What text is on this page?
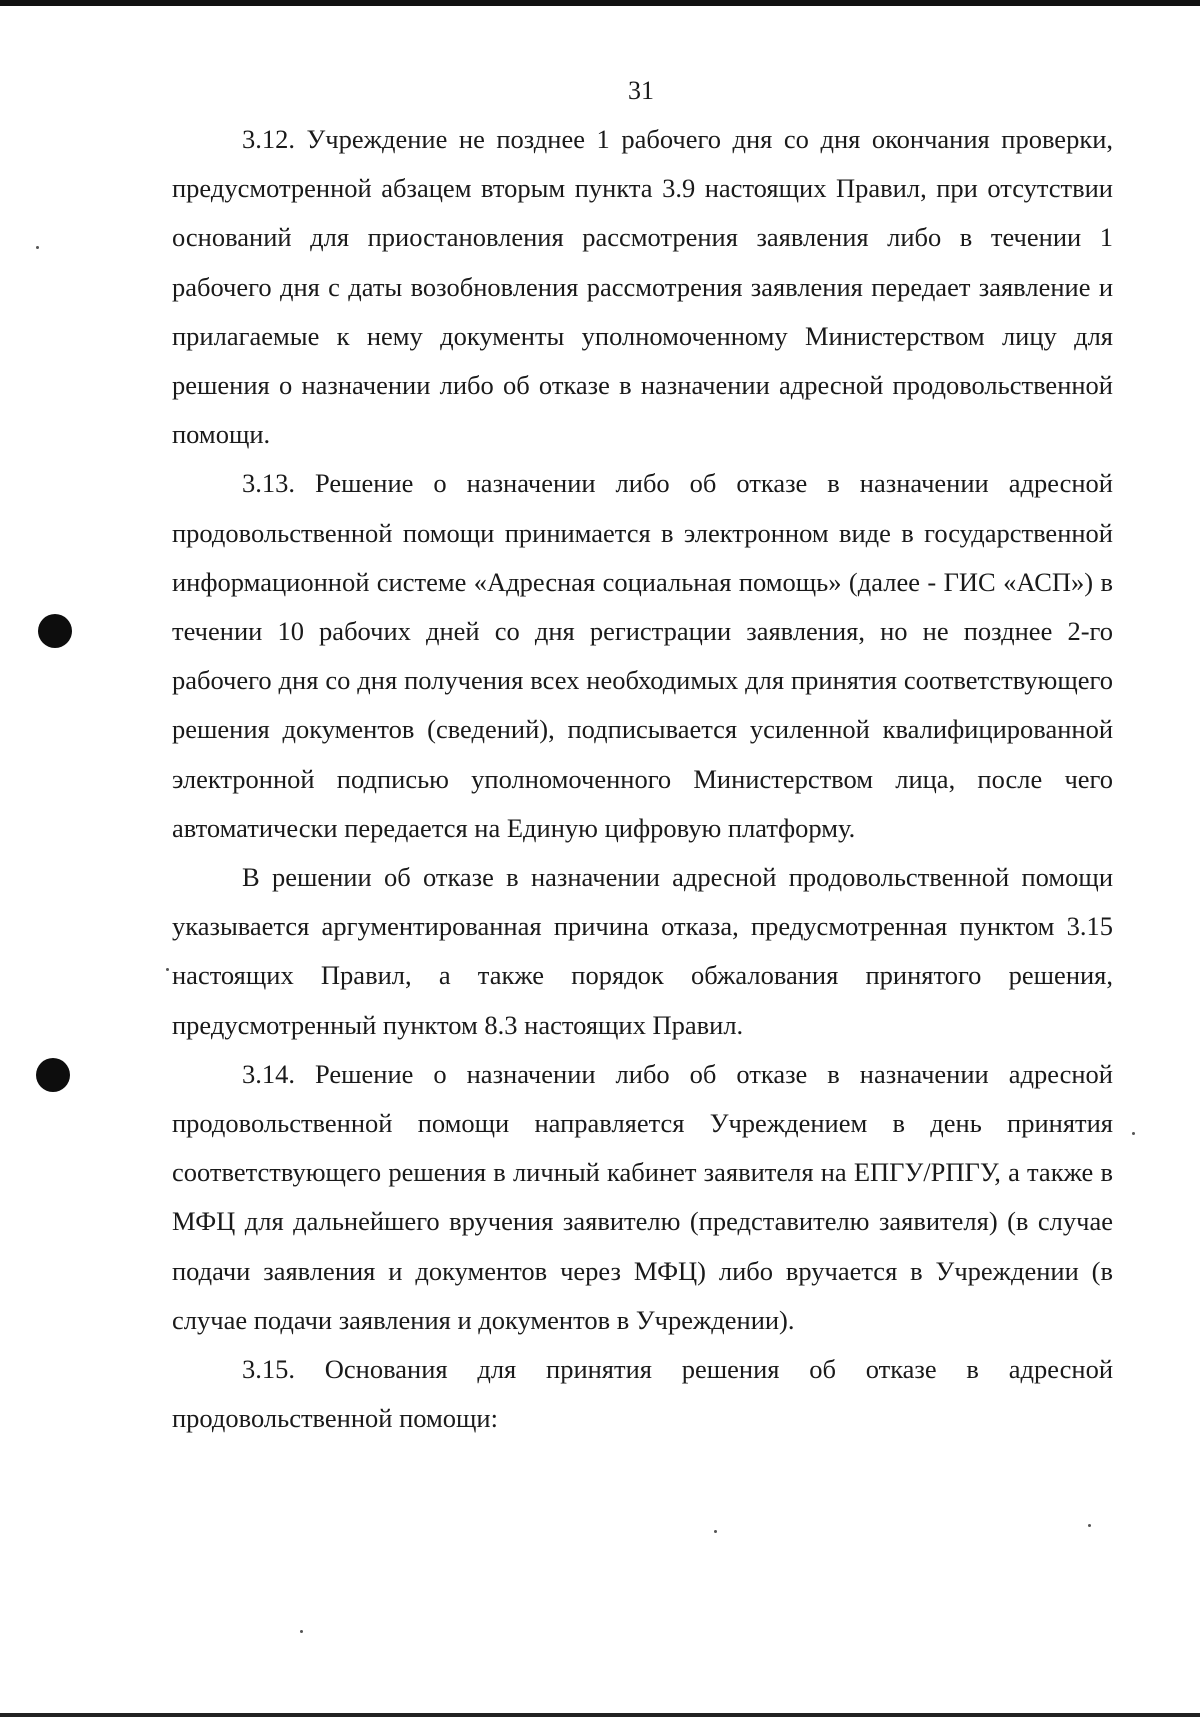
31

3.12. Учреждение не позднее 1 рабочего дня со дня окончания проверки, предусмотренной абзацем вторым пункта 3.9 настоящих Правил, при отсутствии оснований для приостановления рассмотрения заявления либо в течении 1 рабочего дня с даты возобновления рассмотрения заявления передает заявление и прилагаемые к нему документы уполномоченному Министерством лицу для решения о назначении либо об отказе в назначении адресной продовольственной помощи.

3.13. Решение о назначении либо об отказе в назначении адресной продовольственной помощи принимается в электронном виде в государственной информационной системе «Адресная социальная помощь» (далее - ГИС «АСП») в течении 10 рабочих дней со дня регистрации заявления, но не позднее 2-го рабочего дня со дня получения всех необходимых для принятия соответствующего решения документов (сведений), подписывается усиленной квалифицированной электронной подписью уполномоченного Министерством лица, после чего автоматически передается на Единую цифровую платформу.

В решении об отказе в назначении адресной продовольственной помощи указывается аргументированная причина отказа, предусмотренная пунктом 3.15 настоящих Правил, а также порядок обжалования принятого решения, предусмотренный пунктом 8.3 настоящих Правил.

3.14. Решение о назначении либо об отказе в назначении адресной продовольственной помощи направляется Учреждением в день принятия соответствующего решения в личный кабинет заявителя на ЕПГУ/РПГУ, а также в МФЦ для дальнейшего вручения заявителю (представителю заявителя) (в случае подачи заявления и документов через МФЦ) либо вручается в Учреждении (в случае подачи заявления и документов в Учреждении).

3.15. Основания для принятия решения об отказе в адресной продовольственной помощи:
